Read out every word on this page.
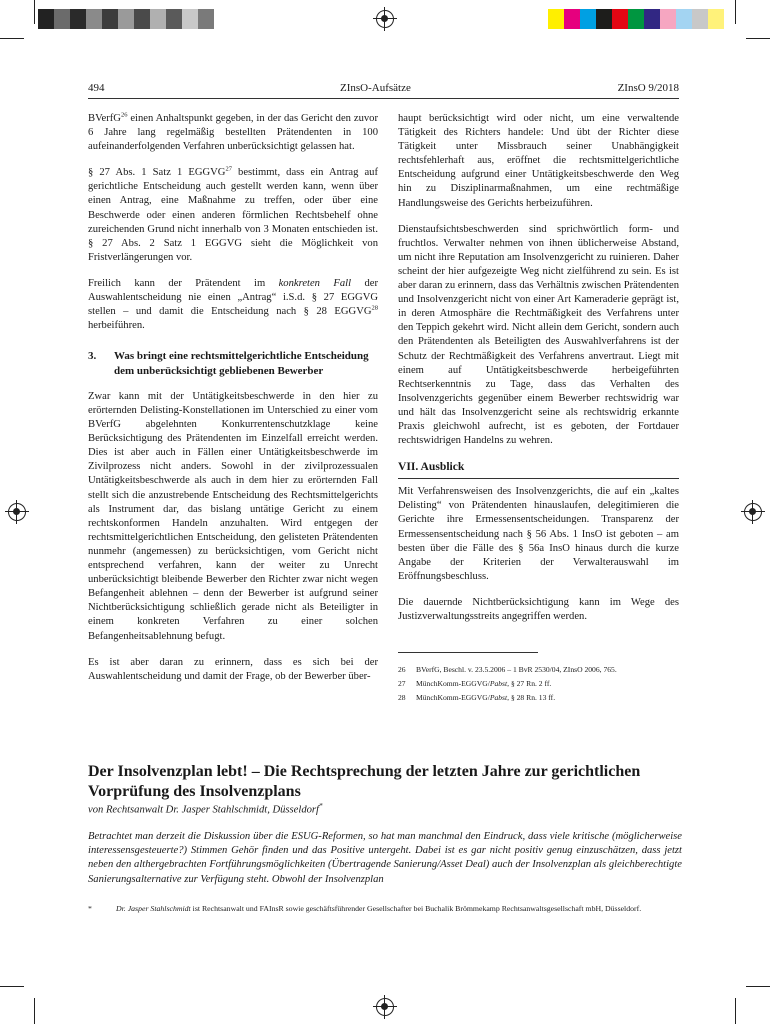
494	ZInsO-Aufsätze	ZInsO 9/2018

BVerfG$^{26}$ einen Anhaltspunkt gegeben, in der das Gericht den zuvor 6 Jahre lang regelmäßig bestellten Prätendenten in 100 aufeinanderfolgenden Verfahren unberücksichtigt gelassen hat.

§ 27 Abs. 1 Satz 1 EGGVG$^{27}$ bestimmt, dass ein Antrag auf gerichtliche Entscheidung auch gestellt werden kann, wenn über einen Antrag, eine Maßnahme zu treffen, oder über eine Beschwerde oder einen anderen förmlichen Rechtsbehelf ohne zureichenden Grund nicht innerhalb von 3 Monaten entschieden ist. § 27 Abs. 2 Satz 1 EGGVG sieht die Möglichkeit von Fristverlängerungen vor.

Freilich kann der Prätendent im konkreten Fall der Auswahlentscheidung nie einen „Antrag“ i.S.d. § 27 EGGVG stellen – und damit die Entscheidung nach § 28 EGGVG$^{28}$ herbeiführen.

3.	Was bringt eine rechtsmittelgerichtliche Entscheidung dem unberücksichtigt gebliebenen Bewerber

Zwar kann mit der Untätigkeitsbeschwerde in den hier zu erörternden Delisting-Konstellationen im Unterschied zu einer vom BVerfG abgelehnten Konkurrentenschutzklage keine Berücksichtigung des Prätendenten im Einzelfall erreicht werden. Dies ist aber auch in Fällen einer Untätigkeitsbeschwerde im Zivilprozess nicht anders. Sowohl in der zivilprozessualen Untätigkeitsbeschwerde als auch in dem hier zu erörternden Fall stellt sich die anzustrebende Entscheidung des Rechtsmittelgerichts als Instrument dar, das bislang untätige Gericht zu einem rechtskonformen Handeln anzuhalten. Wird entgegen der rechtsmittelgerichtlichen Entscheidung, den gelisteten Prätendenten nunmehr (angemessen) zu berücksichtigen, vom Gericht nicht entsprechend verfahren, kann der weiter zu Unrecht unberücksichtigt bleibende Bewerber den Richter zwar nicht wegen Befangenheit ablehnen – denn der Bewerber ist aufgrund seiner Nichtberücksichtigung schließlich gerade nicht als Beteiligter in einem konkreten Verfahren zu einer solchen Befangenheitsablehnung befugt.

Es ist aber daran zu erinnern, dass es sich bei der Auswahlentscheidung und damit der Frage, ob der Bewerber über-

haupt berücksichtigt wird oder nicht, um eine verwaltende Tätigkeit des Richters handele: Und übt der Richter diese Tätigkeit unter Missbrauch seiner Unabhängigkeit rechtsfehlerhaft aus, eröffnet die rechtsmittelgerichtliche Entscheidung aufgrund einer Untätigkeitsbeschwerde den Weg hin zu Disziplinarmaßnahmen, um eine rechtmäßige Handlungsweise des Gerichts herbeizuführen.

Dienstaufsichtsbeschwerden sind sprichwörtlich form- und fruchtlos. Verwalter nehmen von ihnen üblicherweise Abstand, um nicht ihre Reputation am Insolvenzgericht zu ruinieren. Daher scheint der hier aufgezeigte Weg nicht zielführend zu sein. Es ist aber daran zu erinnern, dass das Verhältnis zwischen Prätendenten und Insolvenzgericht nicht von einer Art Kameraderie geprägt ist, in deren Atmosphäre die Rechtmäßigkeit des Verfahrens unter den Teppich gekehrt wird. Nicht allein dem Gericht, sondern auch den Prätendenten als Beteiligten des Auswahlverfahrens ist der Schutz der Rechtmäßigkeit des Verfahrens anvertraut. Liegt mit einem auf Untätigkeitsbeschwerde herbeigeführten Rechtserkenntnis zu Tage, dass das Verhalten des Insolvenzgerichts gegenüber einem Bewerber rechtswidrig war und hält das Insolvenzgericht seine als rechtswidrig erkannte Praxis gleichwohl aufrecht, ist es geboten, der Fortdauer rechtswidrigen Handelns zu wehren.

VII. Ausblick

Mit Verfahrensweisen des Insolvenzgerichts, die auf ein „kaltes Delisting“ von Prätendenten hinauslaufen, delegitimieren die Gerichte ihre Ermessensentscheidungen. Transparenz der Ermessensentscheidung nach § 56 Abs. 1 InsO ist geboten – am besten über die Fälle des § 56a InsO hinaus durch die kurze Angabe der Kriterien der Verwalterauswahl im Eröffnungsbeschluss.

Die dauernde Nichtberücksichtigung kann im Wege des Justizverwaltungsstreits angegriffen werden.

26	BVerfG, Beschl. v. 23.5.2006 – 1 BvR 2530/04, ZInsO 2006, 765.
27	MünchKomm-EGGVG/Pabst, § 27 Rn. 2 ff.
28	MünchKomm-EGGVG/Pabst, § 28 Rn. 13 ff.
Der Insolvenzplan lebt! – Die Rechtsprechung der letzten Jahre zur gerichtlichen Vorprüfung des Insolvenzplans
von Rechtsanwalt Dr. Jasper Stahlschmidt, Düsseldorf*
Betrachtet man derzeit die Diskussion über die ESUG-Reformen, so hat man manchmal den Eindruck, dass viele kritische (möglicherweise interessensgesteuerte?) Stimmen Gehör finden und das Positive untergeht. Dabei ist es gar nicht positiv genug einzuschätzen, dass jetzt neben den althergebrachten Fortführungsmöglichkeiten (Übertragende Sanierung/Asset Deal) auch der Insolvenzplan als gleichberechtigte Sanierungsalternative zur Verfügung steht. Obwohl der Insolvenzplan
*	Dr. Jasper Stahlschmidt ist Rechtsanwalt und FAInsR sowie geschäftsführender Gesellschafter bei Buchalik Brömmekamp Rechtsanwaltsgesellschaft mbH, Düsseldorf.
